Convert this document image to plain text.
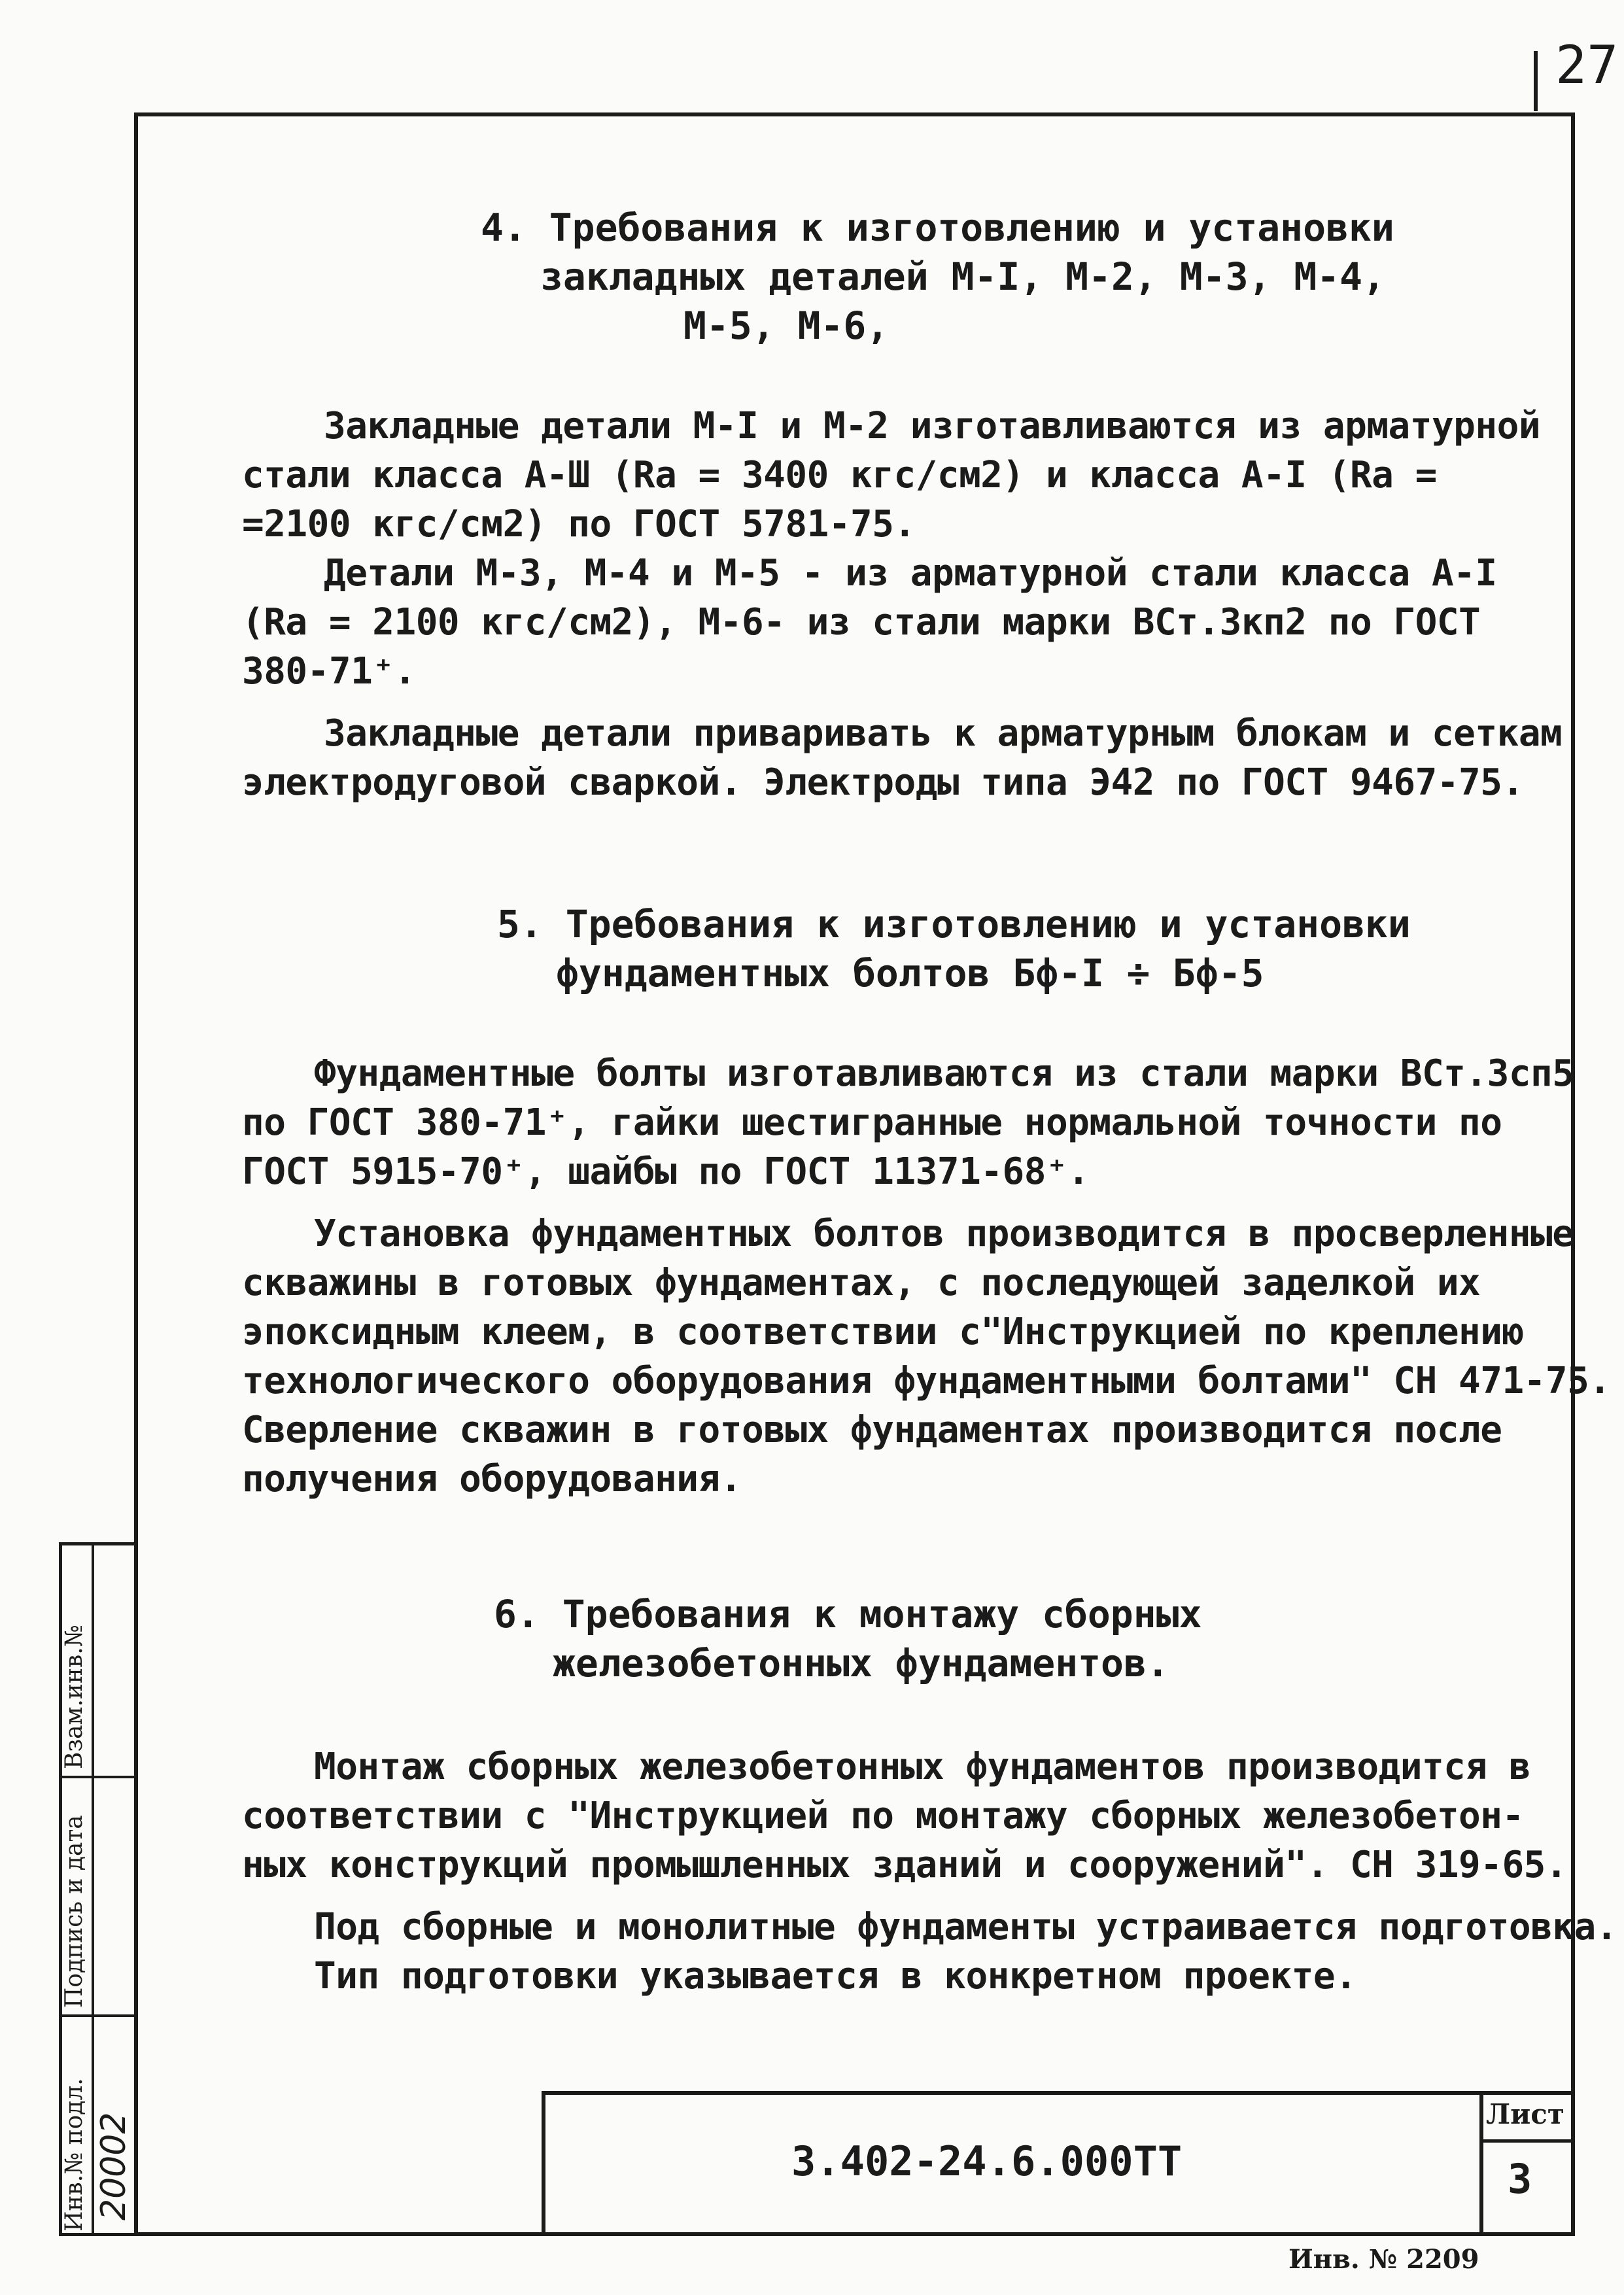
27
4. Требования к изготовлению и установки
закладных деталей М-I, М-2, М-3, М-4,
М-5, М-6,
Закладные детали М-I и М-2 изготавливаются из арматурной
стали класса А-Ш (Rа = 3400 кгс/см2) и класса А-I (Rа =
=2100 кгс/см2) по ГОСТ 5781-75.
Детали М-3, М-4 и М-5 - из арматурной стали класса А-I
(Rа = 2100 кгс/см2), М-6- из стали марки ВСт.3кп2 по ГОСТ
380-71⁺.
Закладные детали приваривать к арматурным блокам и сеткам
электродуговой сваркой. Электроды типа Э42 по ГОСТ 9467-75.
5. Требования к изготовлению и установки
фундаментных болтов Бф-I ÷ Бф-5
Фундаментные болты изготавливаются из стали марки ВСт.3сп5
по ГОСТ 380-71⁺, гайки шестигранные нормальной точности по
ГОСТ 5915-70⁺, шайбы по ГОСТ 11371-68⁺.
Установка фундаментных болтов производится в просверленные
скважины в готовых фундаментах, с последующей заделкой их
эпоксидным клеем, в соответствии с"Инструкцией по креплению
технологического оборудования фундаментными болтами" СН 471-75.
Сверление скважин в готовых фундаментах производится после
получения оборудования.
6. Требования к монтажу сборных
железобетонных фундаментов.
Монтаж сборных железобетонных фундаментов производится в
соответствии с "Инструкцией по монтажу сборных железобетон-
ных конструкций промышленных зданий и сооружений". СН 319-65.
Под сборные и монолитные фундаменты устраивается подготовка.
Тип подготовки указывается в конкретном проекте.
Инв.№ подл.
Подпись и дата
Взам.инв.№
20002	3.402-24.6.000ТТ
Лист
3
Инв. № 2209
